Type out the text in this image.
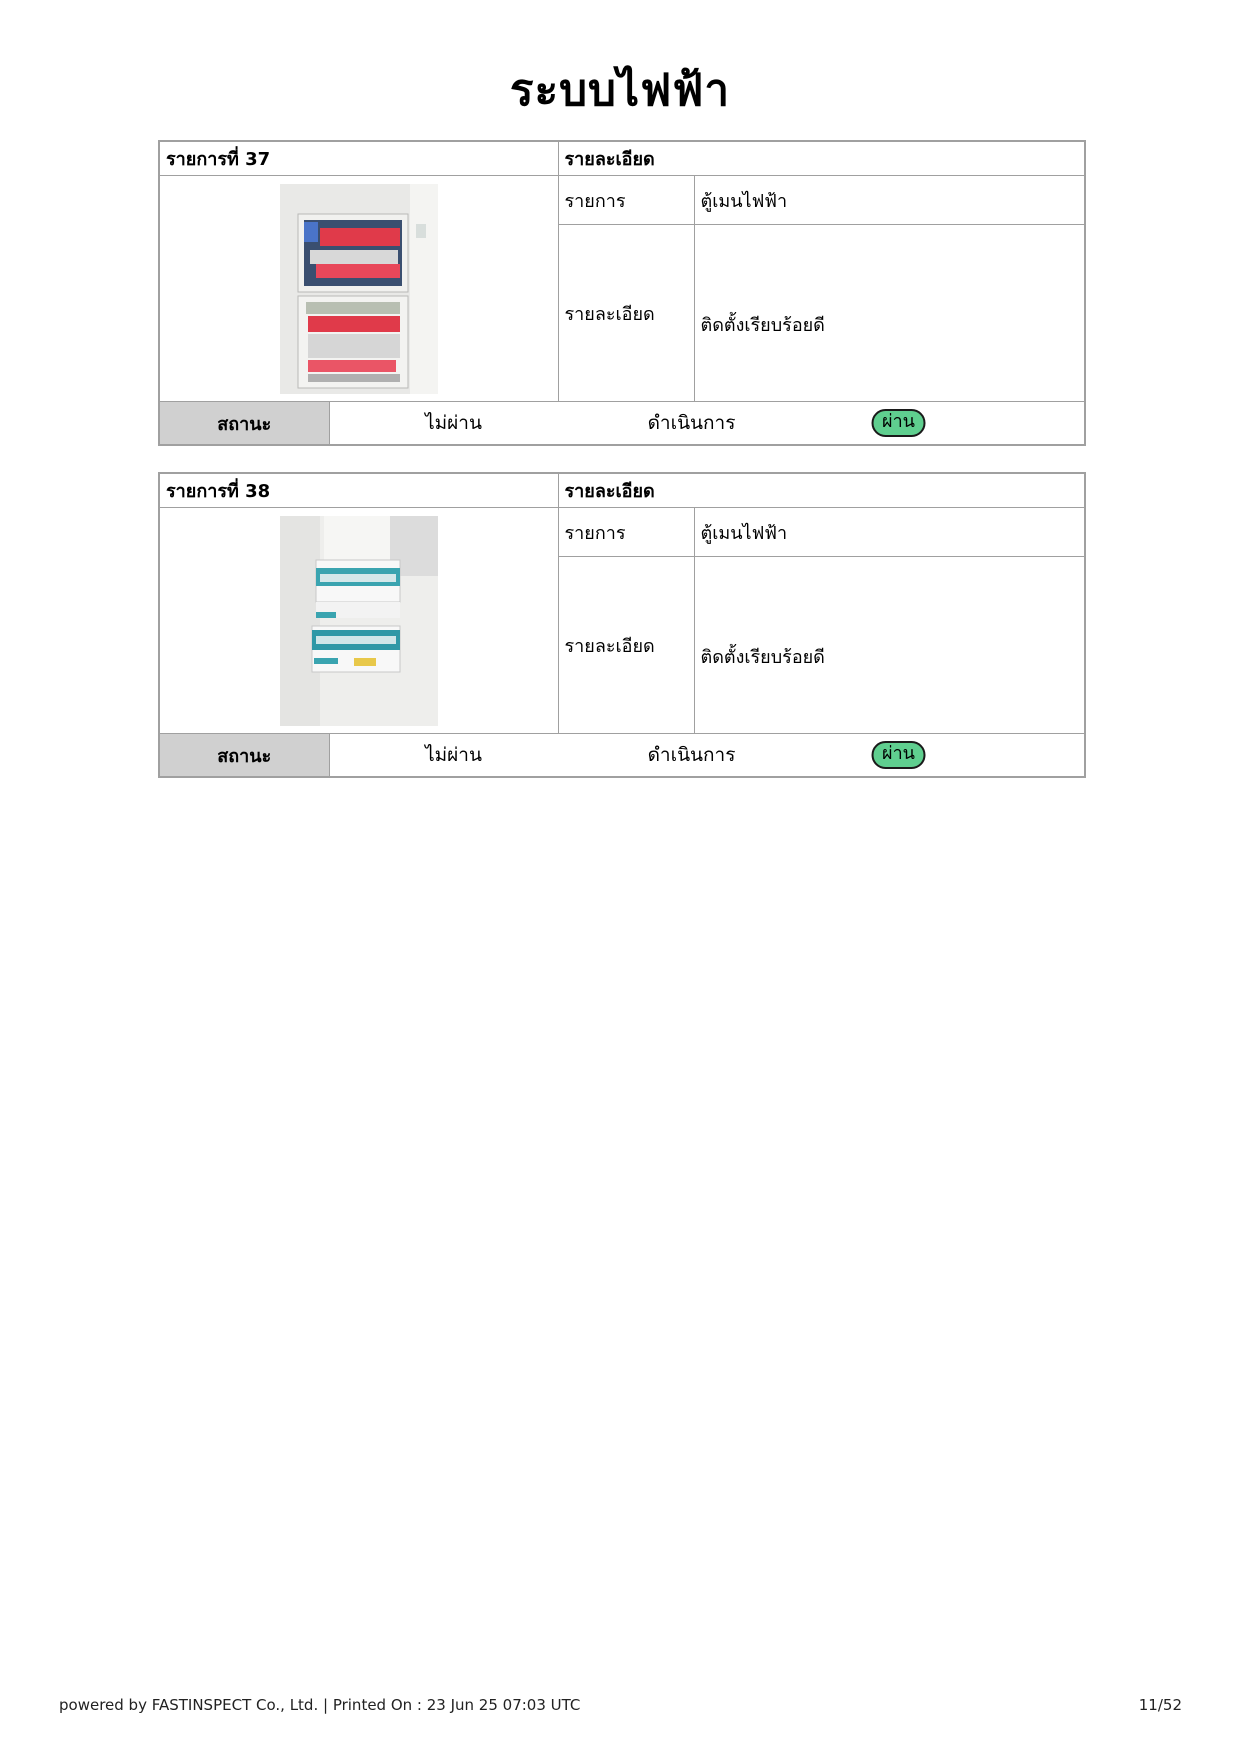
ระบบไฟฟ้า
รายการที่ 37		รายละเอียด	
	รายการ	ตู้เมนไฟฟ้า
		รายละเอียด	ติดตั้งเรียบร้อยดี

สถานะ	ไม่ผ่าน ดำเนินการ ผ่าน		
รายการที่ 38		รายละเอียด	
	รายการ	ตู้เมนไฟฟ้า
		รายละเอียด	ติดตั้งเรียบร้อยดี

สถานะ	ไม่ผ่าน ดำเนินการ ผ่าน		
powered by FASTINSPECT Co., Ltd. | Printed On : 23 Jun 25 07:03 UTC	11/52
